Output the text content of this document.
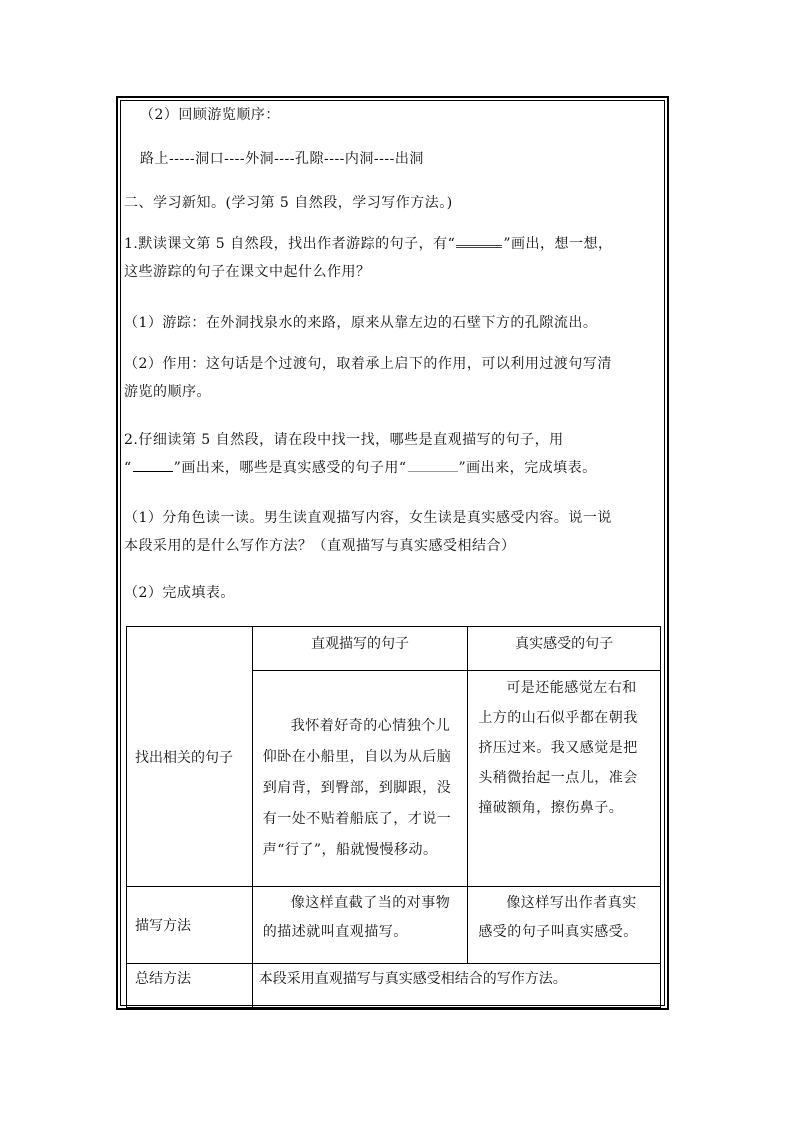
（2）回顾游览顺序：
路上-----洞口----外洞----孔隙----内洞----出洞
二、学习新知。(学习第 5 自然段，学习写作方法。)
1.默读课文第 5 自然段，找出作者游踪的句子，有“	”画出，想一想，
这些游踪的句子在课文中起什么作用？
（1）游踪：在外洞找泉水的来路，原来从靠左边的石壁下方的孔隙流出。
（2）作用：这句话是个过渡句，取着承上启下的作用，可以利用过渡句写清
游览的顺序。
2.仔细读第 5 自然段，请在段中找一找，哪些是直观描写的句子，用
“	”画出来，哪些是真实感受的句子用“	”画出来，完成填表。
（1）分角色读一读。男生读直观描写内容，女生读是真实感受内容。说一说
本段采用的是什么写作方法？（直观描写与真实感受相结合）
（2）完成填表。
找出相关的句子	直观描写的句子	真实感受的句子

	我怀着好奇的心情独个儿仰卧在小船里，自以为从后脑到肩背，到臀部，到脚跟，没有一处不贴着船底了，才说一声“行了”，船就慢慢移动。	可是还能感觉左右和上方的山石似乎都在朝我挤压过来。我又感觉是把头稍微抬起一点儿，准会撞破额角，擦伤鼻子。

描写方法	像这样直截了当的对事物的描述就叫直观描写。	像这样写出作者真实感受的句子叫真实感受。

总结方法	本段采用直观描写与真实感受相结合的写作方法。	
